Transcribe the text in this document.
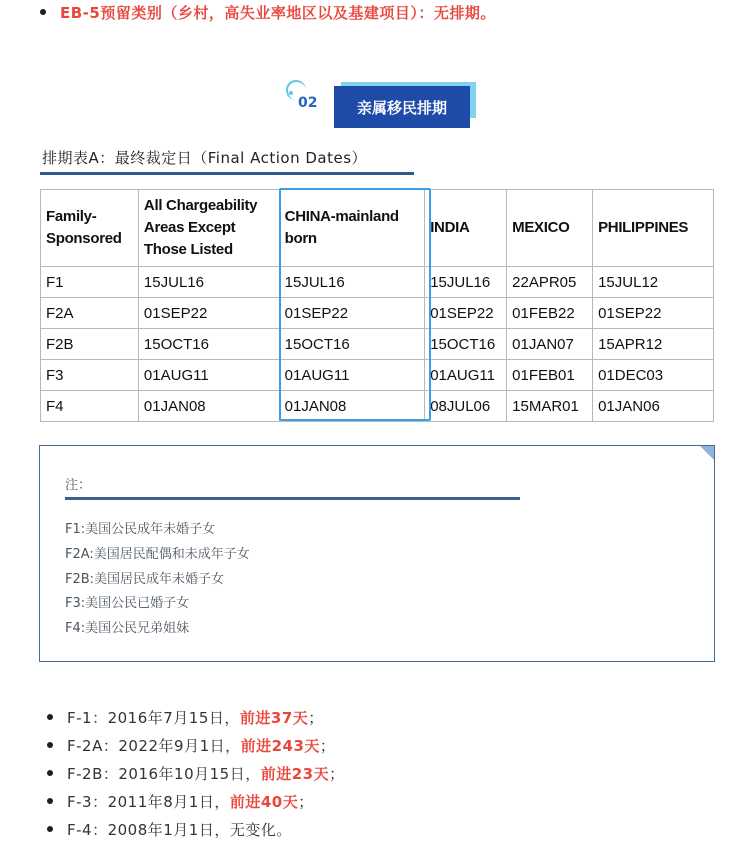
EB-5预留类别（乡村，高失业率地区以及基建项目）：无排期。
02	亲属移民排期
排期表A：最终裁定日（Final Action Dates）
Family-Sponsored	All Chargeability Areas Except Those Listed	CHINA-mainland born	INDIA	MEXICO	PHILIPPINES
F1	15JUL16	15JUL16	15JUL16	22APR05	15JUL12
F2A	01SEP22	01SEP22	01SEP22	01FEB22	01SEP22
F2B	15OCT16	15OCT16	15OCT16	01JAN07	15APR12
F3	01AUG11	01AUG11	01AUG11	01FEB01	01DEC03
F4	01JAN08	01JAN08	08JUL06	15MAR01	01JAN06
注：
F1:美国公民成年未婚子女
F2A:美国居民配偶和未成年子女
F2B:美国居民成年未婚子女
F3:美国公民已婚子女
F4:美国公民兄弟姐妹
F-1：2016年7月15日，前进37天；
F-2A：2022年9月1日，前进243天；
F-2B：2016年10月15日，前进23天；
F-3：2011年8月1日，前进40天；
F-4：2008年1月1日，无变化。
